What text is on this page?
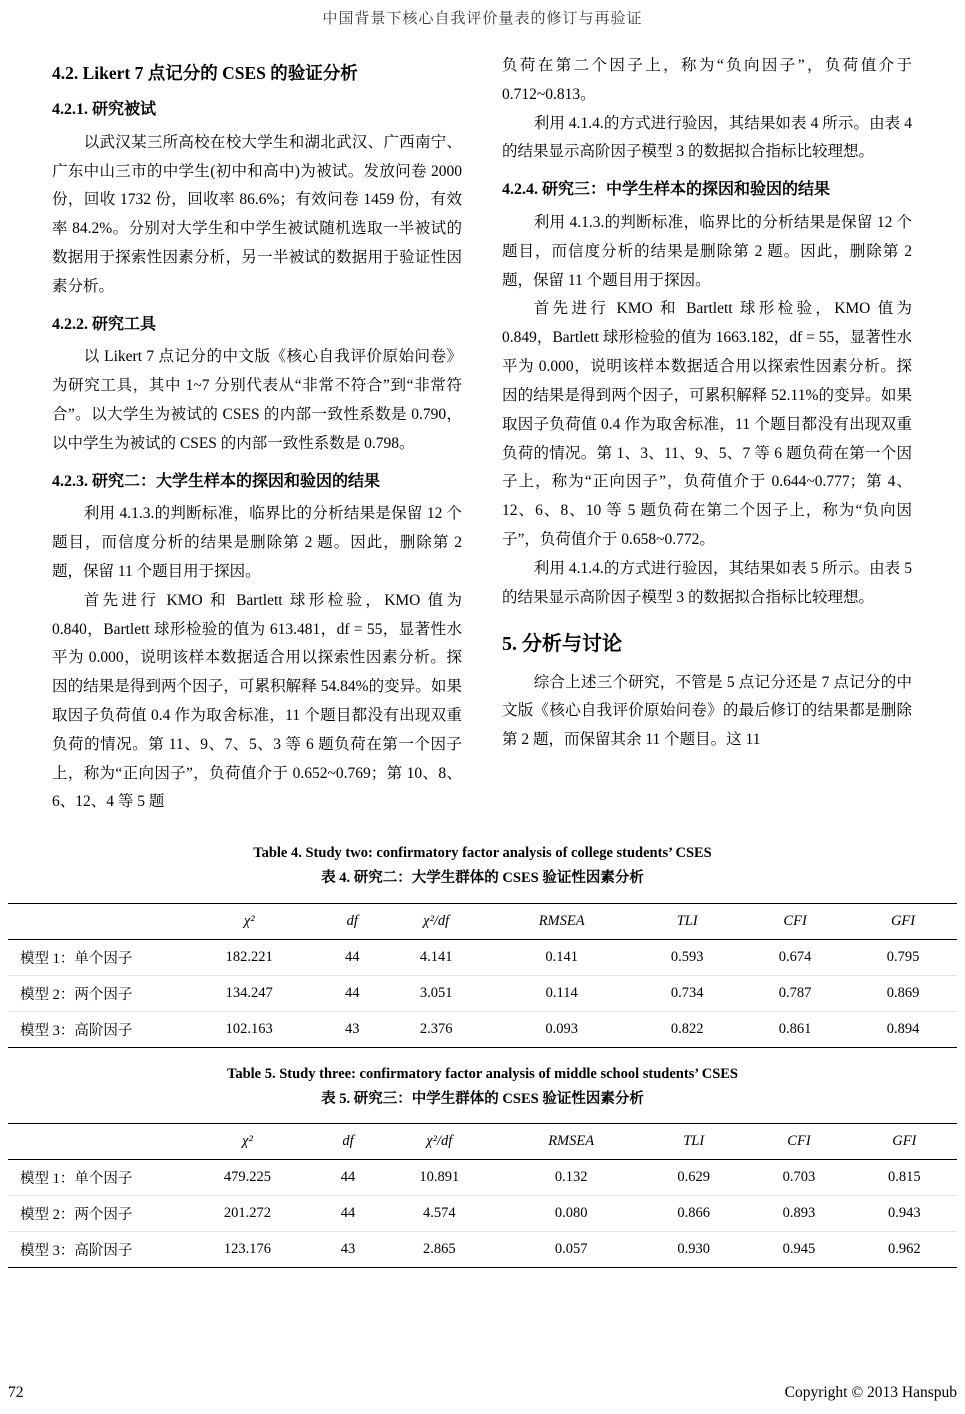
中国背景下核心自我评价量表的修订与再验证
4.2. Likert 7 点记分的 CSES 的验证分析
4.2.1. 研究被试

以武汉某三所高校在校大学生和湖北武汉、广西南宁、广东中山三市的中学生(初中和高中)为被试。发放问卷 2000 份，回收 1732 份，回收率 86.6%；有效问卷 1459 份，有效率 84.2%。分别对大学生和中学生被试随机选取一半被试的数据用于探索性因素分析，另一半被试的数据用于验证性因素分析。

4.2.2. 研究工具

以 Likert 7 点记分的中文版《核心自我评价原始问卷》为研究工具，其中 1~7 分别代表从“非常不符合”到“非常符合”。以大学生为被试的 CSES 的内部一致性系数是 0.790，以中学生为被试的 CSES 的内部一致性系数是 0.798。

4.2.3. 研究二：大学生样本的探因和验因的结果

利用 4.1.3.的判断标准，临界比的分析结果是保留 12 个题目，而信度分析的结果是删除第 2 题。因此，删除第 2 题，保留 11 个题目用于探因。

首先进行 KMO 和 Bartlett 球形检验，KMO 值为 0.840，Bartlett 球形检验的值为 613.481，df = 55，显著性水平为 0.000，说明该样本数据适合用以探索性因素分析。探因的结果是得到两个因子，可累积解释 54.84%的变异。如果取因子负荷值 0.4 作为取舍标准，11 个题目都没有出现双重负荷的情况。第 11、9、7、5、3 等 6 题负荷在第一个因子上，称为“正向因子”，负荷值介于 0.652~0.769；第 10、8、6、12、4 等 5 题

负荷在第二个因子上，称为“负向因子”，负荷值介于 0.712~0.813。

利用 4.1.4.的方式进行验因，其结果如表 4 所示。由表 4 的结果显示高阶因子模型 3 的数据拟合指标比较理想。

4.2.4. 研究三：中学生样本的探因和验因的结果

利用 4.1.3.的判断标准，临界比的分析结果是保留 12 个题目，而信度分析的结果是删除第 2 题。因此，删除第 2 题，保留 11 个题目用于探因。

首先进行 KMO 和 Bartlett 球形检验，KMO 值为 0.849，Bartlett 球形检验的值为 1663.182，df = 55，显著性水平为 0.000，说明该样本数据适合用以探索性因素分析。探因的结果是得到两个因子，可累积解释 52.11%的变异。如果取因子负荷值 0.4 作为取舍标准，11 个题目都没有出现双重负荷的情况。第 1、3、11、9、5、7 等 6 题负荷在第一个因子上，称为“正向因子”，负荷值介于 0.644~0.777；第 4、12、6、8、10 等 5 题负荷在第二个因子上，称为“负向因子”，负荷值介于 0.658~0.772。

利用 4.1.4.的方式进行验因，其结果如表 5 所示。由表 5 的结果显示高阶因子模型 3 的数据拟合指标比较理想。

5. 分析与讨论

综合上述三个研究，不管是 5 点记分还是 7 点记分的中文版《核心自我评价原始问卷》的最后修订的结果都是删除第 2 题，而保留其余 11 个题目。这 11

Table 4. Study two: confirmatory factor analysis of college students’ CSES
表 4. 研究二：大学生群体的 CSES 验证性因素分析
	χ²	df	χ²/df	RMSEA	TLI	CFI	GFI
模型 1：单个因子	182.221	44	4.141	0.141	0.593	0.674	0.795
模型 2：两个因子	134.247	44	3.051	0.114	0.734	0.787	0.869
模型 3：高阶因子	102.163	43	2.376	0.093	0.822	0.861	0.894
Table 5. Study three: confirmatory factor analysis of middle school students’ CSES
表 5. 研究三：中学生群体的 CSES 验证性因素分析
	χ²	df	χ²/df	RMSEA	TLI	CFI	GFI
模型 1：单个因子	479.225	44	10.891	0.132	0.629	0.703	0.815
模型 2：两个因子	201.272	44	4.574	0.080	0.866	0.893	0.943
模型 3：高阶因子	123.176	43	2.865	0.057	0.930	0.945	0.962
72	Copyright © 2013 Hanspub
